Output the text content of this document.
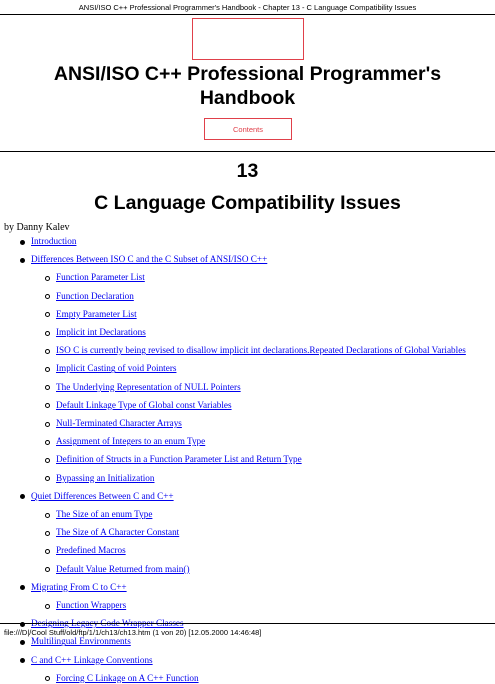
ANSI/ISO C++ Professional Programmer's Handbook - Chapter 13 - C Language Compatibility Issues
ANSI/ISO C++ Professional Programmer's
Handbook
Contents
13
C Language Compatibility Issues
by Danny Kalev
Introduction
Differences Between ISO C and the C Subset of ANSI/ISO C++
Function Parameter List
Function Declaration
Empty Parameter List
Implicit int Declarations
ISO C is currently being revised to disallow implicit int declarations.Repeated Declarations of Global Variables
Implicit Casting of void Pointers
The Underlying Representation of NULL Pointers
Default Linkage Type of Global const Variables
Null-Terminated Character Arrays
Assignment of Integers to an enum Type
Definition of Structs in a Function Parameter List and Return Type
Bypassing an Initialization
Quiet Differences Between C and C++
The Size of an enum Type
The Size of A Character Constant
Predefined Macros
Default Value Returned from main()
Migrating From C to C++
Function Wrappers
Designing Legacy Code Wrapper Classes
Multilingual Environments
C and C++ Linkage Conventions
Forcing C Linkage on A C++ Function
file:///D|/Cool Stuff/old/ftp/1/1/ch13/ch13.htm (1 von 20) [12.05.2000 14:46:48]
